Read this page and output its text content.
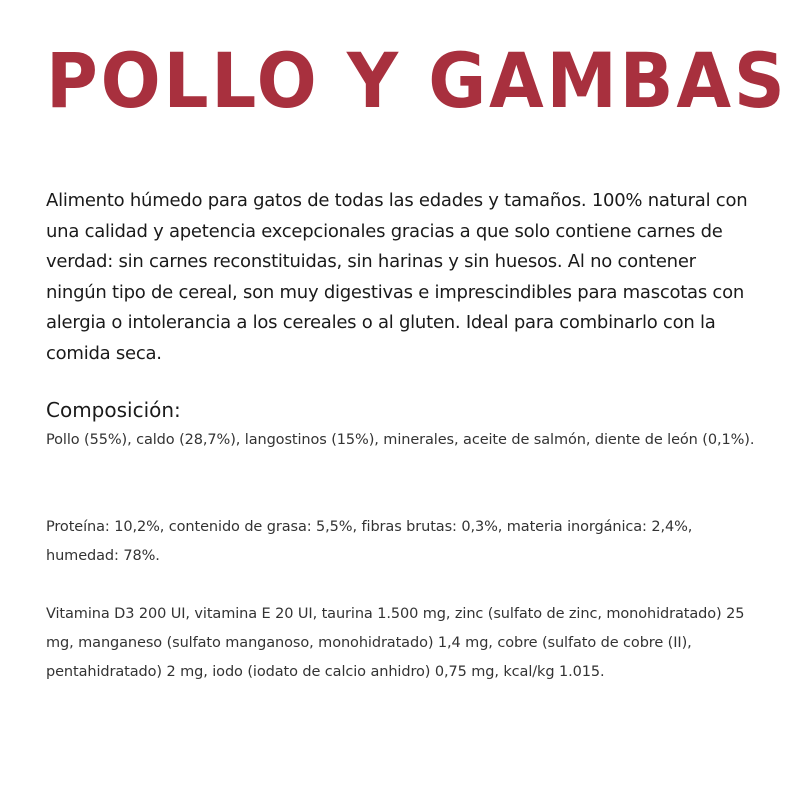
POLLO Y GAMBAS

Alimento húmedo para gatos de todas las edades y tamaños. 100% natural con una calidad y apetencia excepcionales gracias a que solo contiene carnes de verdad: sin carnes reconstituidas, sin harinas y sin huesos. Al no contener ningún tipo de cereal, son muy digestivas e imprescindibles para mascotas con alergia o intolerancia a los cereales o al gluten. Ideal para combinarlo con la comida seca.

Composición:

Pollo (55%), caldo (28,7%), langostinos (15%), minerales, aceite de salmón, diente de león (0,1%).

Proteína: 10,2%, contenido de grasa: 5,5%, fibras brutas: 0,3%, materia inorgánica: 2,4%, humedad: 78%.

Vitamina D3 200 UI, vitamina E 20 UI, taurina 1.500 mg, zinc (sulfato de zinc, monohidratado) 25 mg, manganeso (sulfato manganoso, monohidratado) 1,4 mg, cobre (sulfato de cobre (II), pentahidratado) 2 mg, iodo (iodato de calcio anhidro) 0,75 mg, kcal/kg 1.015.
